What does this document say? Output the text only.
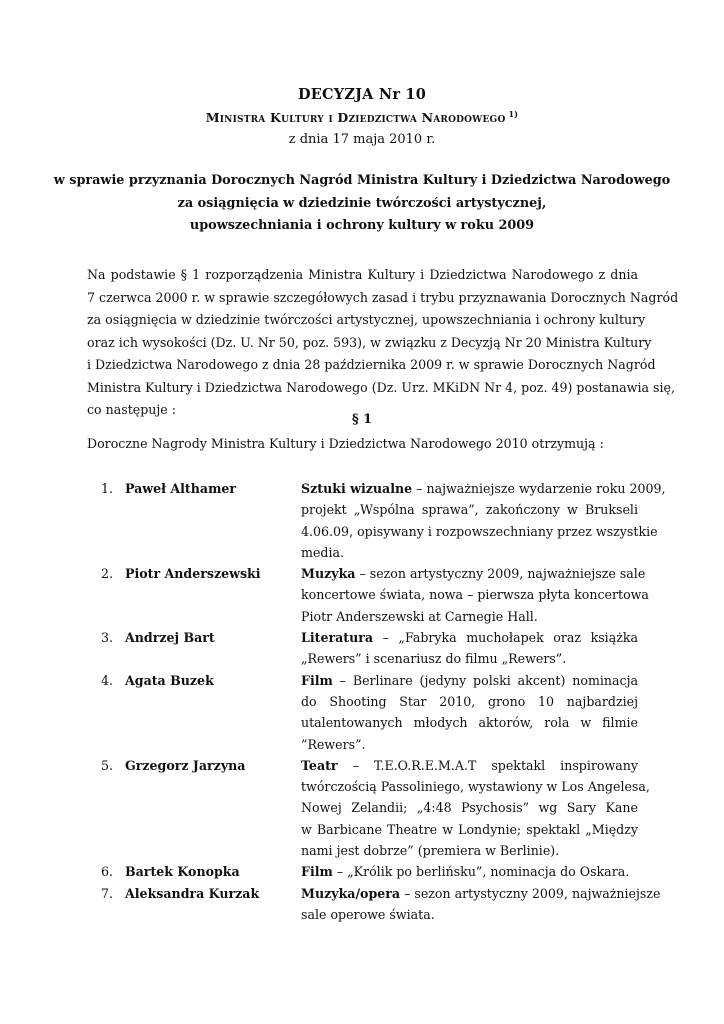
DECYZJA Nr 10
Ministra Kultury i Dziedzictwa Narodowego $^{1)}$
z dnia 17 maja 2010 r.
w sprawie przyznania Dorocznych Nagród Ministra Kultury i Dziedzictwa Narodowego
za osiągnięcia w dziedzinie twórczości artystycznej,
upowszechniania i ochrony kultury w roku 2009
Na podstawie § 1 rozporządzenia Ministra Kultury i Dziedzictwa Narodowego z dnia
7 czerwca 2000 r. w sprawie szczegółowych zasad i trybu przyznawania Dorocznych Nagród
za osiągnięcia w dziedzinie twórczości artystycznej, upowszechniania i ochrony kultury
oraz ich wysokości (Dz. U. Nr 50, poz. 593), w związku z Decyzją Nr 20 Ministra Kultury
i Dziedzictwa Narodowego z dnia 28 października 2009 r. w sprawie Dorocznych Nagród
Ministra Kultury i Dziedzictwa Narodowego (Dz. Urz. MKiDN Nr 4, poz. 49) postanawia się,
co następuje :
§ 1
Doroczne Nagrody Ministra Kultury i Dziedzictwa Narodowego 2010 otrzymują :
1. Paweł Althamer	Sztuki wizualne – najważniejsze wydarzenie roku 2009,
projekt „Wspólna sprawa”, zakończony w Brukseli
4.06.09, opisywany i rozpowszechniany przez wszystkie
media.
2. Piotr Anderszewski	Muzyka – sezon artystyczny 2009, najważniejsze sale
koncertowe świata, nowa – pierwsza płyta koncertowa
Piotr Anderszewski at Carnegie Hall.
3. Andrzej Bart	Literatura – „Fabryka muchołapek oraz książka
„Rewers” i scenariusz do filmu „Rewers”.
4. Agata Buzek	Film – Berlinare (jedyny polski akcent) nominacja
do Shooting Star 2010, grono 10 najbardziej
utalentowanych młodych aktorów, rola w filmie
”Rewers”.
5. Grzegorz Jarzyna	Teatr – T.E.O.R.E.M.A.T spektakl inspirowany
twórczością Passoliniego, wystawiony w Los Angelesa,
Nowej Zelandii; „4:48 Psychosis” wg Sary Kane
w Barbicane Theatre w Londynie; spektakl „Między
nami jest dobrze” (premiera w Berlinie).
6. Bartek Konopka	Film – „Królik po berlińsku”, nominacja do Oskara.
7. Aleksandra Kurzak	Muzyka/opera – sezon artystyczny 2009, najważniejsze
sale operowe świata.
